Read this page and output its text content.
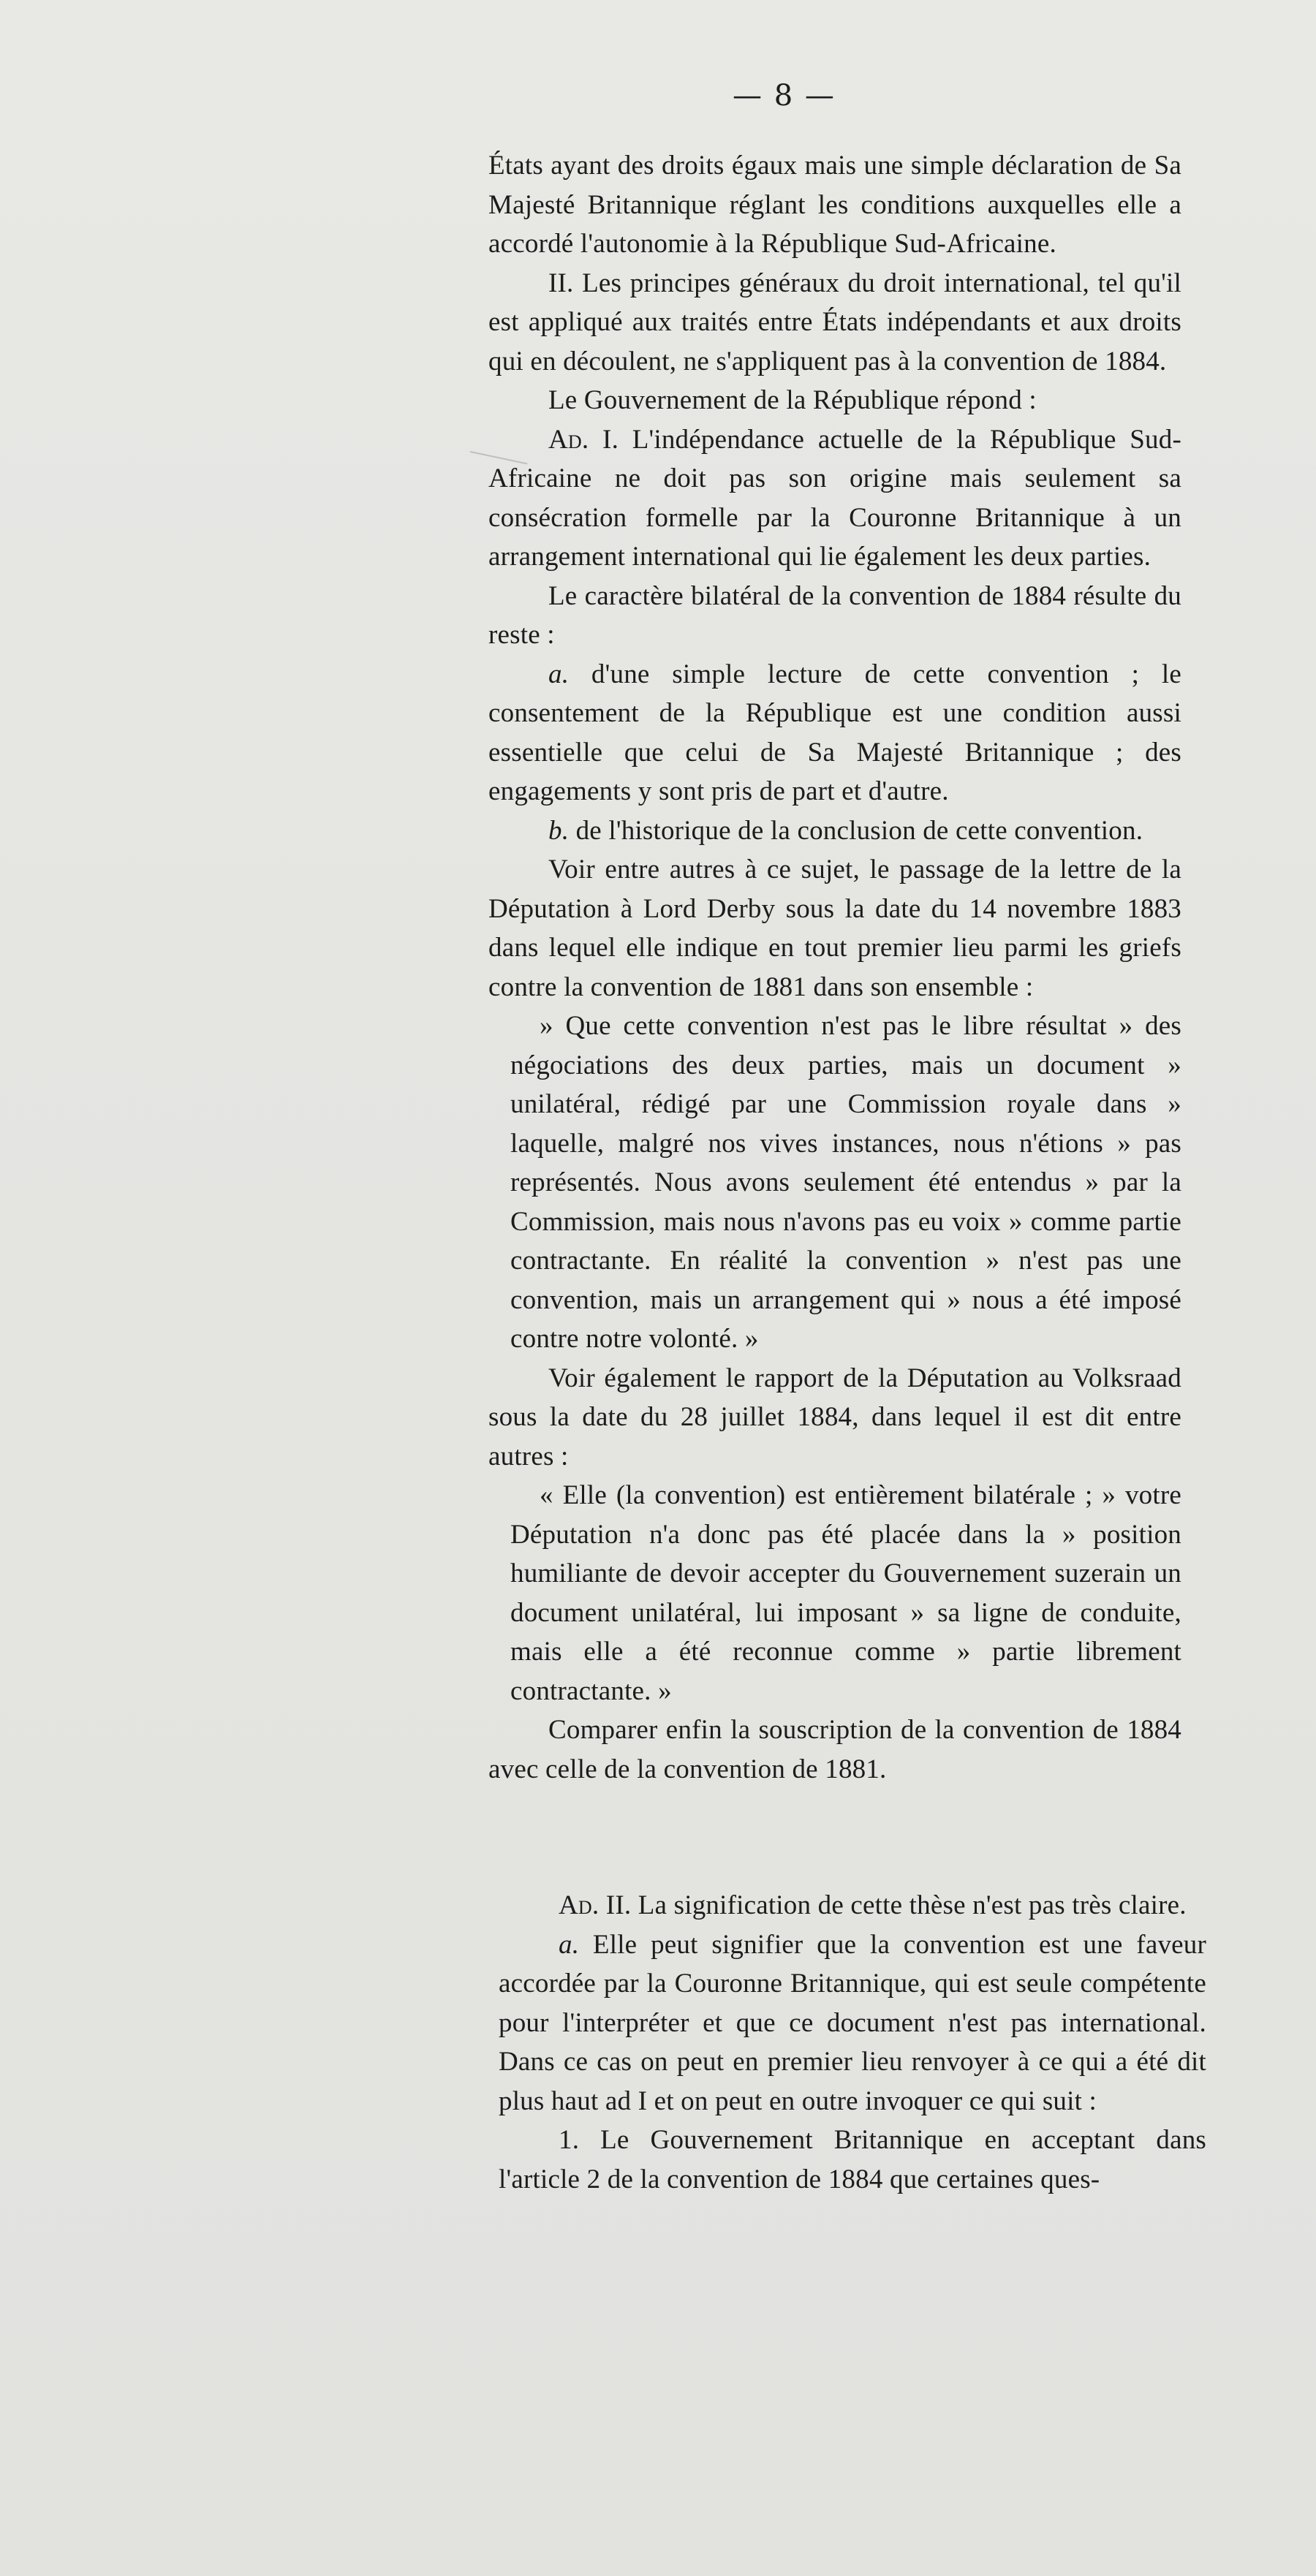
— 8 —

États ayant des droits égaux mais une simple déclaration de Sa Majesté Britannique réglant les conditions auxquelles elle a accordé l'autonomie à la République Sud-Africaine.

II. Les principes généraux du droit international, tel qu'il est appliqué aux traités entre États indépendants et aux droits qui en découlent, ne s'appliquent pas à la convention de 1884.

Le Gouvernement de la République répond :

Ad. I. L'indépendance actuelle de la République Sud-Africaine ne doit pas son origine mais seulement sa consécration formelle par la Couronne Britannique à un arrangement international qui lie également les deux parties.

Le caractère bilatéral de la convention de 1884 résulte du reste :

a. d'une simple lecture de cette convention ; le consentement de la République est une condition aussi essentielle que celui de Sa Majesté Britannique ; des engagements y sont pris de part et d'autre.

b. de l'historique de la conclusion de cette convention.

Voir entre autres à ce sujet, le passage de la lettre de la Députation à Lord Derby sous la date du 14 novembre 1883 dans lequel elle indique en tout premier lieu parmi les griefs contre la convention de 1881 dans son ensemble :

» Que cette convention n'est pas le libre résultat » des négociations des deux parties, mais un document » unilatéral, rédigé par une Commission royale dans » laquelle, malgré nos vives instances, nous n'étions » pas représentés. Nous avons seulement été entendus » par la Commission, mais nous n'avons pas eu voix » comme partie contractante. En réalité la convention » n'est pas une convention, mais un arrangement qui » nous a été imposé contre notre volonté. »

Voir également le rapport de la Députation au Volksraad sous la date du 28 juillet 1884, dans lequel il est dit entre autres :

« Elle (la convention) est entièrement bilatérale ; » votre Députation n'a donc pas été placée dans la » position humiliante de devoir accepter du Gouvernement suzerain un document unilatéral, lui imposant » sa ligne de conduite, mais elle a été reconnue comme » partie librement contractante. »

Comparer enfin la souscription de la convention de 1884 avec celle de la convention de 1881.

Ad. II. La signification de cette thèse n'est pas très claire.

a. Elle peut signifier que la convention est une faveur accordée par la Couronne Britannique, qui est seule compétente pour l'interpréter et que ce document n'est pas international. Dans ce cas on peut en premier lieu renvoyer à ce qui a été dit plus haut ad I et on peut en outre invoquer ce qui suit :

1. Le Gouvernement Britannique en acceptant dans l'article 2 de la convention de 1884 que certaines ques-
